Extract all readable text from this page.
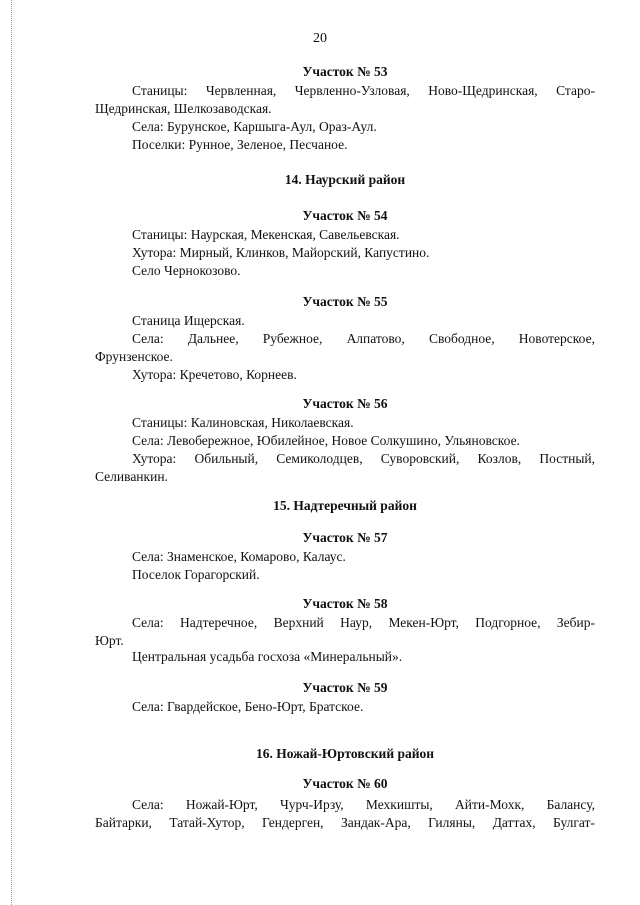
20
Участок № 53
Станицы: Червленная, Червленно-Узловая, Ново-Щедринская, Старо-
Щедринская, Шелкозаводская.
Села: Бурунское, Каршыга-Аул, Ораз-Аул.
Поселки: Рунное, Зеленое, Песчаное.
14. Наурский район
Участок № 54
Станицы: Наурская, Мекенская, Савельевская.
Хутора: Мирный, Клинков, Майорский, Капустино.
Село Чернокозово.
Участок № 55
Станица Ищерская.
Села: Дальнее, Рубежное, Алпатово, Свободное, Новотерское,
Фрунзенское.
Хутора: Кречетово, Корнеев.
Участок № 56
Станицы: Калиновская, Николаевская.
Села: Левобережное, Юбилейное, Новое Солкушино, Ульяновское.
Хутора: Обильный, Семиколодцев, Суворовский, Козлов, Постный,
Селиванкин.
15. Надтеречный район
Участок № 57
Села: Знаменское, Комарово, Калаус.
Поселок Горагорский.
Участок № 58
Села: Надтеречное, Верхний Наур, Мекен-Юрт, Подгорное, Зебир-
Юрт.
Центральная усадьба госхоза «Минеральный».
Участок № 59
Села: Гвардейское, Бено-Юрт, Братское.
16. Ножай-Юртовский район
Участок № 60
Села: Ножай-Юрт, Чурч-Ирзу, Мехкишты, Айти-Мохк, Балансу,
Байтарки, Татай-Хутор, Гендерген, Зандак-Ара, Гиляны, Даттах, Булгат-
